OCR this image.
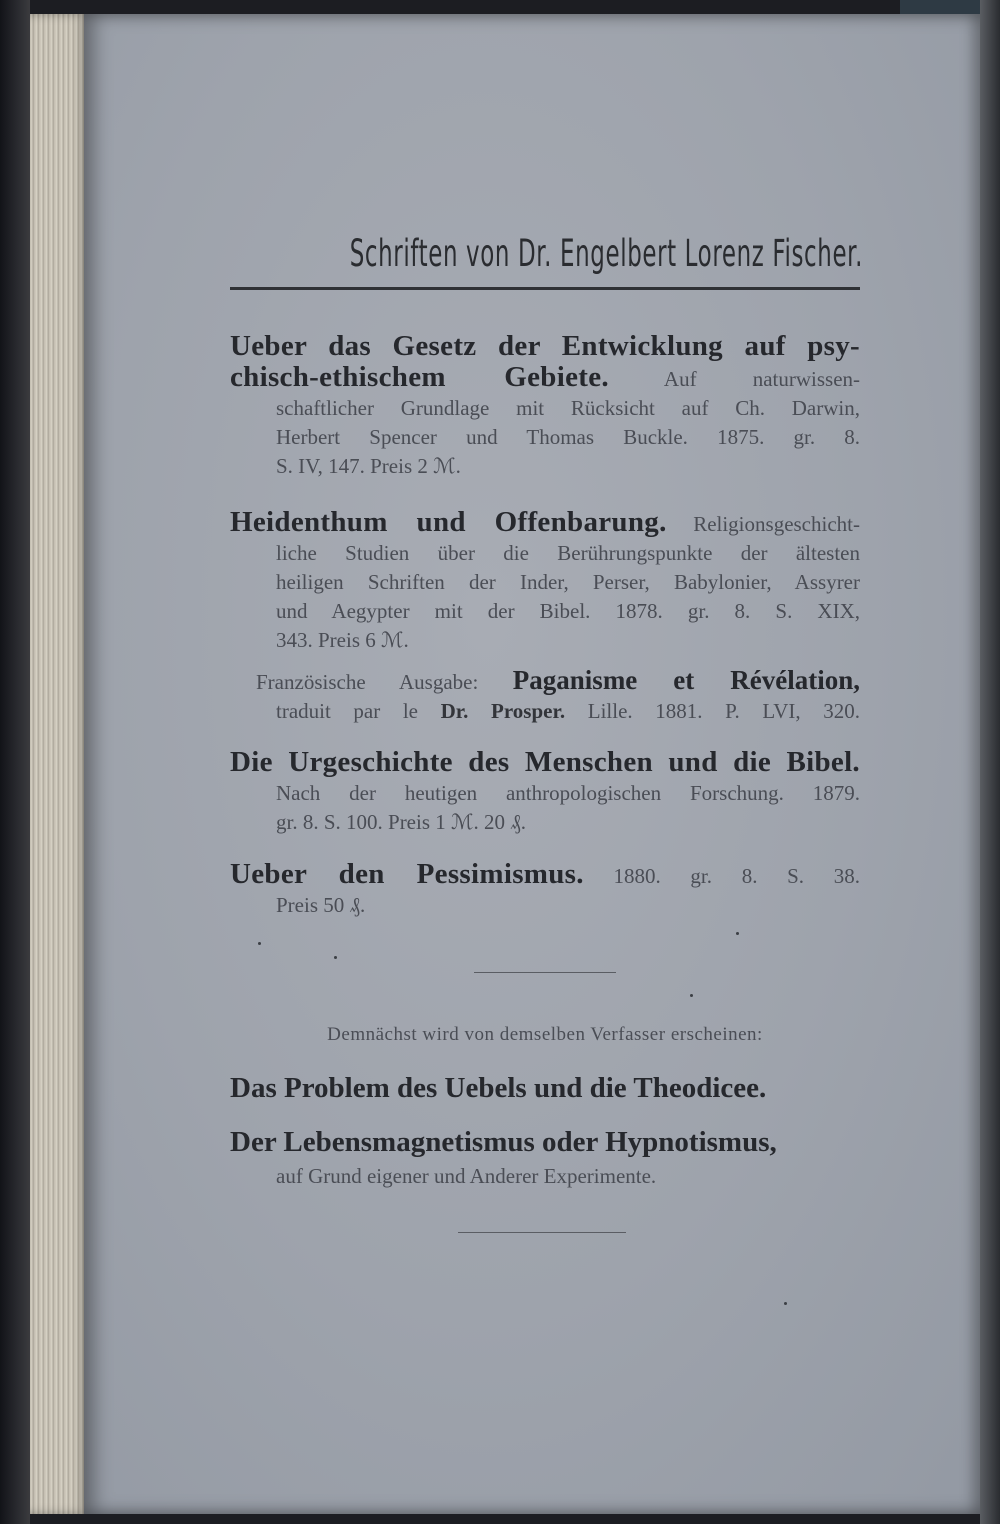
Schriften von Dr. Engelbert Lorenz Fischer.
Ueber das Gesetz der Entwicklung auf psy-
chisch-ethischem Gebiete.	Auf naturwissen-
schaftlicher Grundlage mit Rücksicht auf Ch. Darwin,
Herbert Spencer und Thomas Buckle. 1875. gr. 8.
S. IV, 147. Preis 2 ℳ.
Heidenthum und Offenbarung. Religionsgeschicht-
liche Studien über die Berührungspunkte der ältesten
heiligen Schriften der Inder, Perser, Babylonier, Assyrer
und Aegypter mit der Bibel. 1878. gr. 8. S. XIX,
343. Preis 6 ℳ.
Französische Ausgabe: Paganisme et Révélation,
traduit par le Dr. Prosper. Lille. 1881. P. LVI, 320.
Die Urgeschichte des Menschen und die Bibel.
Nach der heutigen anthropologischen Forschung. 1879.
gr. 8. S. 100. Preis 1 ℳ. 20 ₰.
Ueber den Pessimismus. 1880. gr. 8. S. 38.
Preis 50 ₰.
Demnächst wird von demselben Verfasser erscheinen:
Das Problem des Uebels und die Theodicee.
Der Lebensmagnetismus oder Hypnotismus,
auf Grund eigener und Anderer Experimente.
